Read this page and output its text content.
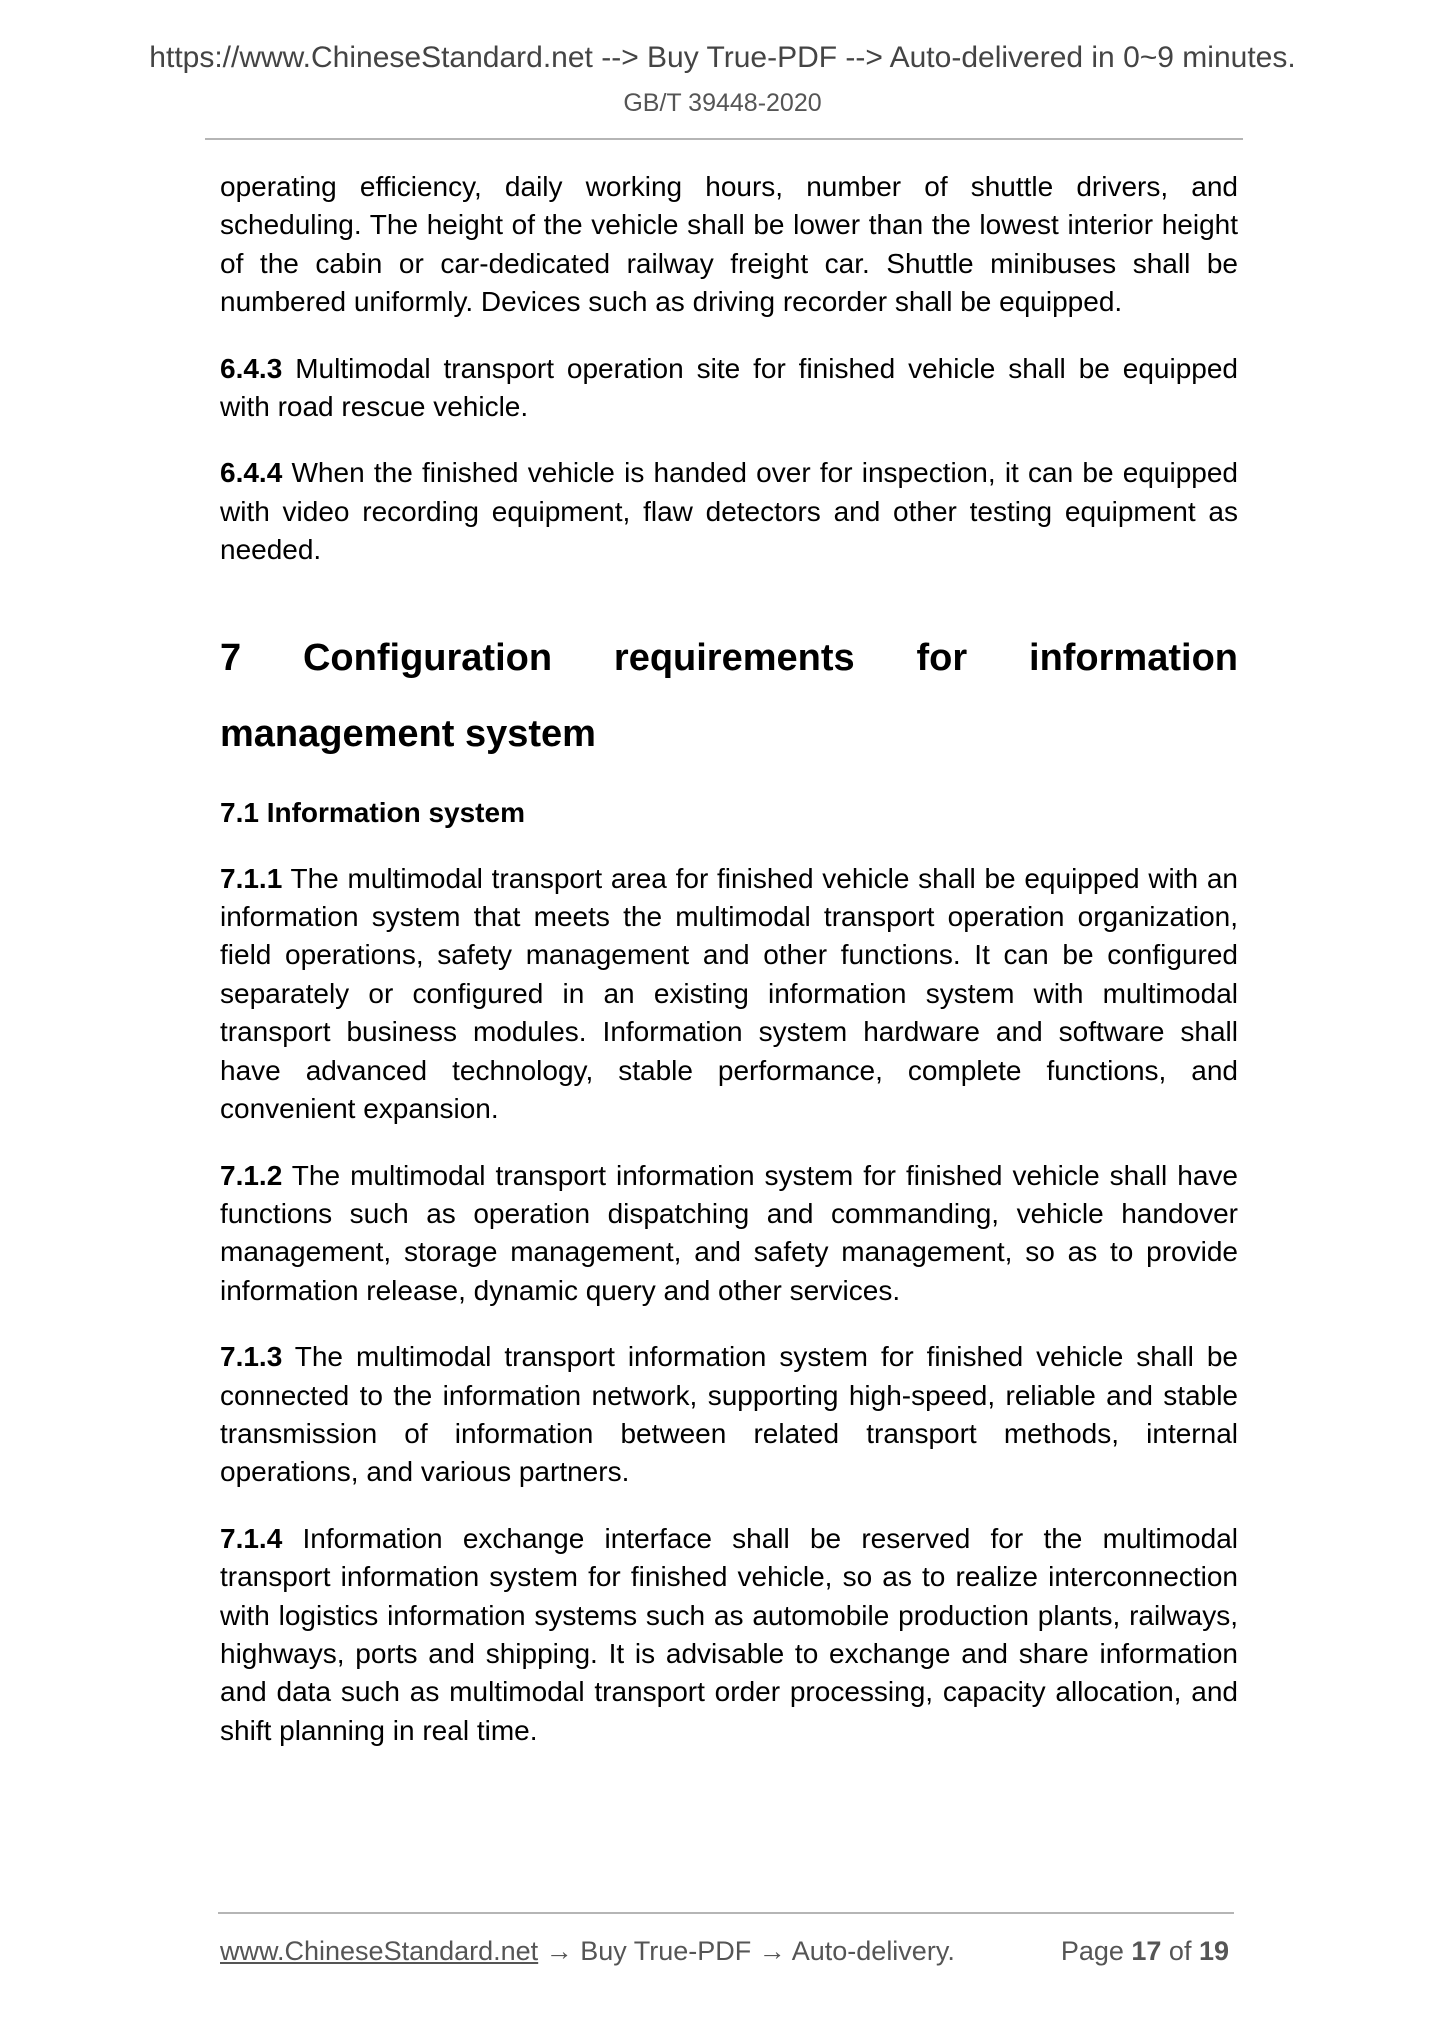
https://www.ChineseStandard.net --> Buy True-PDF --> Auto-delivered in 0~9 minutes.
GB/T 39448-2020

operating efficiency, daily working hours, number of shuttle drivers, and scheduling. The height of the vehicle shall be lower than the lowest interior height of the cabin or car-dedicated railway freight car. Shuttle minibuses shall be numbered uniformly. Devices such as driving recorder shall be equipped.

6.4.3 Multimodal transport operation site for finished vehicle shall be equipped with road rescue vehicle.

6.4.4 When the finished vehicle is handed over for inspection, it can be equipped with video recording equipment, flaw detectors and other testing equipment as needed.

7 Configuration requirements for information management system
7.1 Information system

7.1.1 The multimodal transport area for finished vehicle shall be equipped with an information system that meets the multimodal transport operation organization, field operations, safety management and other functions. It can be configured separately or configured in an existing information system with multimodal transport business modules. Information system hardware and software shall have advanced technology, stable performance, complete functions, and convenient expansion.

7.1.2 The multimodal transport information system for finished vehicle shall have functions such as operation dispatching and commanding, vehicle handover management, storage management, and safety management, so as to provide information release, dynamic query and other services.

7.1.3 The multimodal transport information system for finished vehicle shall be connected to the information network, supporting high-speed, reliable and stable transmission of information between related transport methods, internal operations, and various partners.

7.1.4 Information exchange interface shall be reserved for the multimodal transport information system for finished vehicle, so as to realize interconnection with logistics information systems such as automobile production plants, railways, highways, ports and shipping. It is advisable to exchange and share information and data such as multimodal transport order processing, capacity allocation, and shift planning in real time.

www.ChineseStandard.net → Buy True-PDF → Auto-delivery.	Page 17 of 19
